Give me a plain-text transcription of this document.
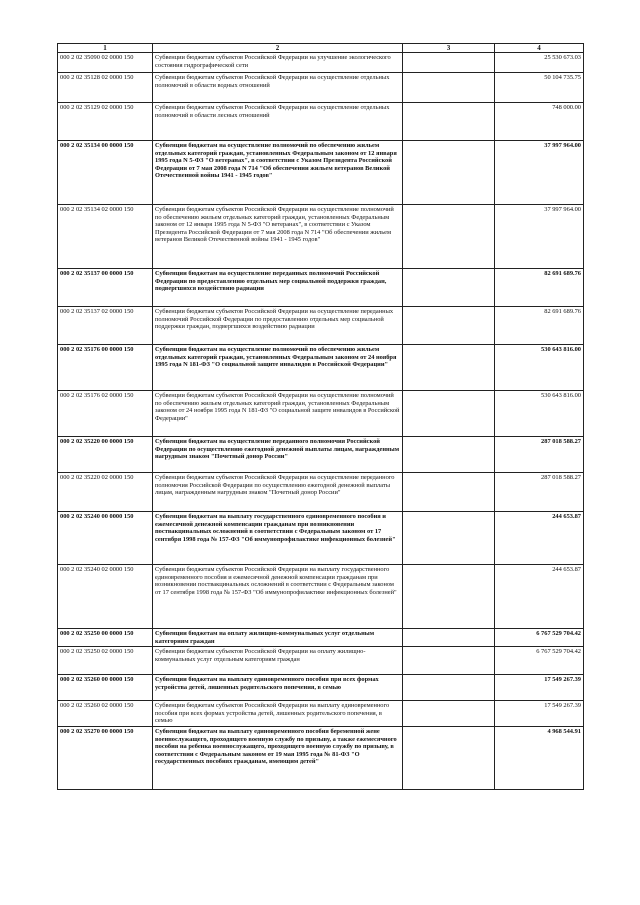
1	2	3	4
000 2 02 35090 02 0000 150	Субвенции бюджетам субъектов Российской Федерации на улучшение экологического состояния гидрографической сети		25 530 673.03
000 2 02 35128 02 0000 150	Субвенции бюджетам субъектов Российской Федерации на осуществление отдельных полномочий в области водных отношений		50 104 735.75
000 2 02 35129 02 0000 150	Субвенции бюджетам субъектов Российской Федерации на осуществление отдельных полномочий в области лесных отношений		748 000.00
000 2 02 35134 00 0000 150	Субвенции бюджетам на осуществление полномочий по обеспечению жильем отдельных категорий граждан, установленных Федеральным законом от 12 января 1995 года N 5-ФЗ "О ветеранах", в соответствии с Указом Президента Российской Федерации от 7 мая 2008 года N 714 "Об обеспечении жильем ветеранов Великой Отечественной войны 1941 - 1945 годов"		37 997 964.00
000 2 02 35134 02 0000 150	Субвенции бюджетам субъектов Российской Федерации на осуществление полномочий по обеспечению жильем отдельных категорий граждан, установленных Федеральным законом от 12 января 1995 года N 5-ФЗ "О ветеранах", в соответствии с Указом Президента Российской Федерации от 7 мая 2008 года N 714 "Об обеспечении жильем ветеранов Великой Отечественной войны 1941 - 1945 годов"		37 997 964.00
000 2 02 35137 00 0000 150	Субвенции бюджетам на осуществление переданных полномочий Российской Федерации по предоставлению отдельных мер социальной поддержки граждан, подвергшихся воздействию радиации		82 691 689.76
000 2 02 35137 02 0000 150	Субвенции бюджетам субъектов Российской Федерации на осуществление переданных полномочий Российской Федерации по предоставлению отдельных мер социальной поддержки граждан, подвергшихся воздействию радиации		82 691 689.76
000 2 02 35176 00 0000 150	Субвенции бюджетам на осуществление полномочий по обеспечению жильем отдельных категорий граждан, установленных Федеральным законом от 24 ноября 1995 года N 181-ФЗ "О социальной защите инвалидов в Российской Федерации"		530 643 816.00
000 2 02 35176 02 0000 150	Субвенции бюджетам субъектов Российской Федерации на осуществление полномочий по обеспечению жильем отдельных категорий граждан, установленных Федеральным законом от 24 ноября 1995 года N 181-ФЗ "О социальной защите инвалидов в Российской Федерации"		530 643 816.00
000 2 02 35220 00 0000 150	Субвенции бюджетам на осуществление переданного полномочия Российской Федерации по осуществлению ежегодной денежной выплаты лицам, награжденным нагрудным знаком "Почетный донор России"		287 018 588.27
000 2 02 35220 02 0000 150	Субвенции бюджетам субъектов Российской Федерации на осуществление переданного полномочия Российской Федерации по осуществлению ежегодной денежной выплаты лицам, награжденным нагрудным знаком "Почетный донор России"		287 018 588.27
000 2 02 35240 00 0000 150	Субвенции бюджетам на выплату государственного единовременного пособия и ежемесячной денежной компенсации гражданам при возникновении поствакцинальных осложнений в соответствии с Федеральным законом от 17 сентября 1998 года № 157-ФЗ "Об иммунопрофилактике инфекционных болезней"		244 653.87
000 2 02 35240 02 0000 150	Субвенции бюджетам субъектов Российской Федерации на выплату государственного единовременного пособия и ежемесячной денежной компенсации гражданам при возникновении поствакцинальных осложнений в соответствии с Федеральным законом от 17 сентября 1998 года № 157-ФЗ "Об иммунопрофилактике инфекционных болезней"		244 653.87
000 2 02 35250 00 0000 150	Субвенции бюджетам на оплату жилищно-коммунальных услуг отдельным категориям граждан		6 767 529 704.42
000 2 02 35250 02 0000 150	Субвенции бюджетам субъектов Российской Федерации на оплату жилищно-коммунальных услуг отдельным категориям граждан		6 767 529 704.42
000 2 02 35260 00 0000 150	Субвенции бюджетам на выплату единовременного пособия при всех формах устройства детей, лишенных родительского попечения, в семью		17 549 267.39
000 2 02 35260 02 0000 150	Субвенции бюджетам субъектов Российской Федерации на выплату единовременного пособия при всех формах устройства детей, лишенных родительского попечения, в семью		17 549 267.39
000 2 02 35270 00 0000 150	Субвенции бюджетам на выплату единовременного пособия беременной жене военнослужащего, проходящего военную службу по призыву, а также ежемесячного пособия на ребенка военнослужащего, проходящего военную службу по призыву, в соответствии с Федеральным законом от 19 мая 1995 года № 81-ФЗ "О государственных пособиях гражданам, имеющим детей"		4 968 544.91
